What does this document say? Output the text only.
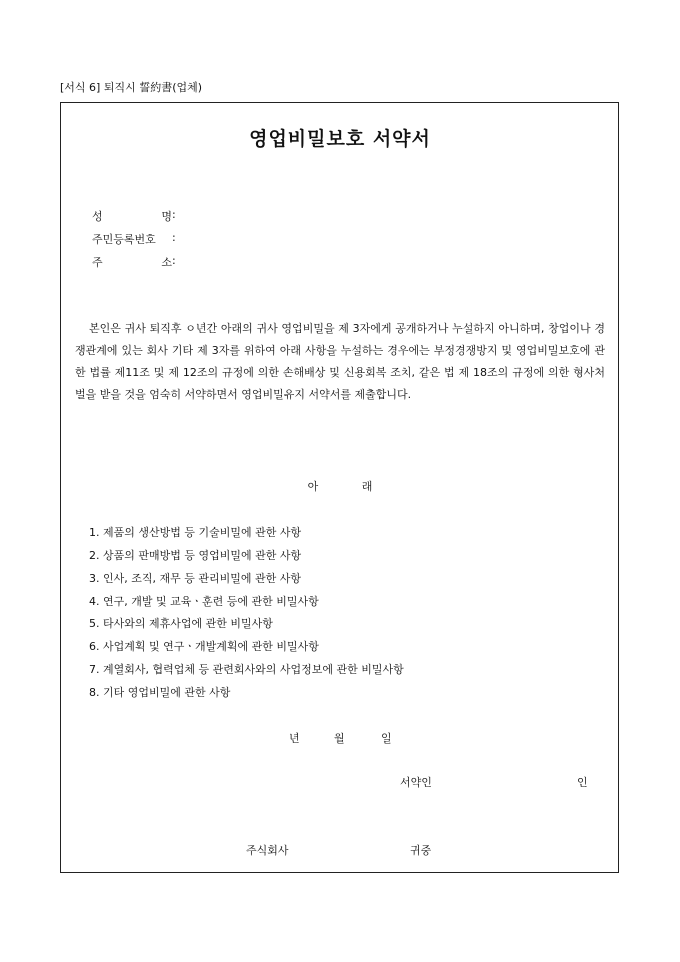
[서식 6] 퇴직시 誓約書(업체)
영업비밀보호 서약서
성	명 :
주민등록번호 :
주	소 :
본인은 귀사 퇴직후 ㅇ년간 아래의 귀사 영업비밀을 제 3자에게 공개하거나 누설하지 아니하며, 창업이나 경쟁관계에 있는 회사 기타 제 3자를 위하여 아래 사항을 누설하는 경우에는 부정경쟁방지 및 영업비밀보호에 관한 법률 제11조 및 제 12조의 규정에 의한 손해배상 및 신용회복 조치, 같은 법 제 18조의 규정에 의한 형사처벌을 받을 것을 엄숙히 서약하면서 영업비밀유지 서약서를 제출합니다.
아 래
1. 제품의 생산방법 등 기술비밀에 관한 사항
2. 상품의 판매방법 등 영업비밀에 관한 사항
3. 인사, 조직, 재무 등 관리비밀에 관한 사항
4. 연구, 개발 및 교육ㆍ훈련 등에 관한 비밀사항
5. 타사와의 제휴사업에 관한 비밀사항
6. 사업계획 및 연구ㆍ개발계획에 관한 비밀사항
7. 계열회사, 협력업체 등 관련회사와의 사업정보에 관한 비밀사항
8. 기타 영업비밀에 관한 사항
년	월	일
서약인	인
주식회사	귀중
